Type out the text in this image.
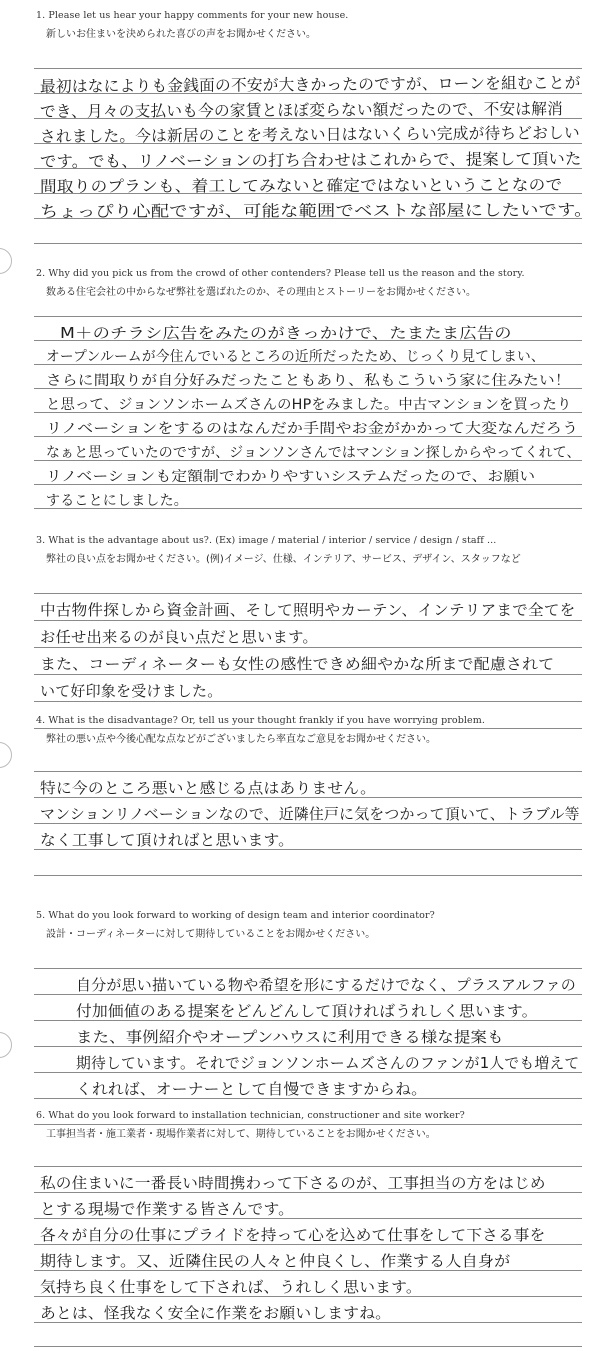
1. Please let us hear your happy comments for your new house.
新しいお住まいを決められた喜びの声をお聞かせください。
最初はなによりも金銭面の不安が大きかったのですが、ローンを組むことが
でき、月々の支払いも今の家賃とほぼ変らない額だったので、不安は解消
されました。今は新居のことを考えない日はないくらい完成が待ちどおしい
です。でも、リノベーションの打ち合わせはこれからで、提案して頂いた
間取りのプランも、着工してみないと確定ではないということなので
ちょっぴり心配ですが、可能な範囲でベストな部屋にしたいです。
2. Why did you pick us from the crowd of other contenders? Please tell us the reason and the story.
数ある住宅会社の中からなぜ弊社を選ばれたのか、その理由とストーリーをお聞かせください。
M＋のチラシ広告をみたのがきっかけで、たまたま広告の
オープンルームが今住んでいるところの近所だったため、じっくり見てしまい、
さらに間取りが自分好みだったこともあり、私もこういう家に住みたい！
と思って、ジョンソンホームズさんのHPをみました。中古マンションを買ったり
リノベーションをするのはなんだか手間やお金がかかって大変なんだろう
なぁと思っていたのですが、ジョンソンさんではマンション探しからやってくれて、
リノベーションも定額制でわかりやすいシステムだったので、お願い
することにしました。
3. What is the advantage about us?. (Ex) image / material / interior / service / design / staff ...
弊社の良い点をお聞かせください。(例)イメージ、仕様、インテリア、サービス、デザイン、スタッフなど
中古物件探しから資金計画、そして照明やカーテン、インテリアまで全てを
お任せ出来るのが良い点だと思います。
また、コーディネーターも女性の感性できめ細やかな所まで配慮されて
いて好印象を受けました。
4. What is the disadvantage? Or, tell us your thought frankly if you have worrying problem.
弊社の悪い点や今後心配な点などがございましたら率直なご意見をお聞かせください。
特に今のところ悪いと感じる点はありません。
マンションリノベーションなので、近隣住戸に気をつかって頂いて、トラブル等
なく工事して頂ければと思います。
5. What do you look forward to working of design team and interior coordinator?
設計・コーディネーターに対して期待していることをお聞かせください。
自分が思い描いている物や希望を形にするだけでなく、プラスアルファの
付加価値のある提案をどんどんして頂ければうれしく思います。
また、事例紹介やオープンハウスに利用できる様な提案も
期待しています。それでジョンソンホームズさんのファンが1人でも増えて
くれれば、オーナーとして自慢できますからね。
6. What do you look forward to installation technician, constructioner and site worker?
工事担当者・施工業者・現場作業者に対して、期待していることをお聞かせください。
私の住まいに一番長い時間携わって下さるのが、工事担当の方をはじめ
とする現場で作業する皆さんです。
各々が自分の仕事にプライドを持って心を込めて仕事をして下さる事を
期待します。又、近隣住民の人々と仲良くし、作業する人自身が
気持ち良く仕事をして下されば、うれしく思います。
あとは、怪我なく安全に作業をお願いしますね。
